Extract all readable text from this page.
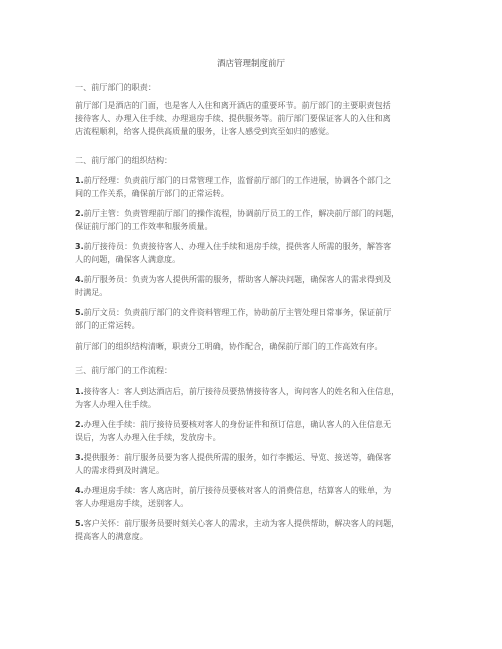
酒店管理制度前厅

一、前厅部门的职责：

前厅部门是酒店的门面，也是客人入住和离开酒店的重要环节。前厅部门的主要职责包括

接待客人、办理入住手续、办理退房手续、提供服务等。前厅部门要保证客人的入住和离

店流程顺利，给客人提供高质量的服务，让客人感受到宾至如归的感觉。

二、前厅部门的组织结构：

1.前厅经理：负责前厅部门的日常管理工作，监督前厅部门的工作进展，协调各个部门之

间的工作关系，确保前厅部门的正常运转。

2.前厅主管：负责管理前厅部门的操作流程，协调前厅员工的工作，解决前厅部门的问题，

保证前厅部门的工作效率和服务质量。

3.前厅接待员：负责接待客人、办理入住手续和退房手续，提供客人所需的服务，解答客

人的问题，确保客人满意度。

4.前厅服务员：负责为客人提供所需的服务，帮助客人解决问题，确保客人的需求得到及

时满足。

5.前厅文员：负责前厅部门的文件资料管理工作，协助前厅主管处理日常事务，保证前厅

部门的正常运转。

前厅部门的组织结构清晰，职责分工明确，协作配合，确保前厅部门的工作高效有序。

三、前厅部门的工作流程：

1.接待客人：客人到达酒店后，前厅接待员要热情接待客人，询问客人的姓名和入住信息，

为客人办理入住手续。

2.办理入住手续：前厅接待员要核对客人的身份证件和预订信息，确认客人的入住信息无

误后，为客人办理入住手续，发放房卡。

3.提供服务：前厅服务员要为客人提供所需的服务，如行李搬运、导览、接送等，确保客

人的需求得到及时满足。

4.办理退房手续：客人离店时，前厅接待员要核对客人的消费信息，结算客人的账单，为

客人办理退房手续，送别客人。

5.客户关怀：前厅服务员要时刻关心客人的需求，主动为客人提供帮助，解决客人的问题，

提高客人的满意度。
